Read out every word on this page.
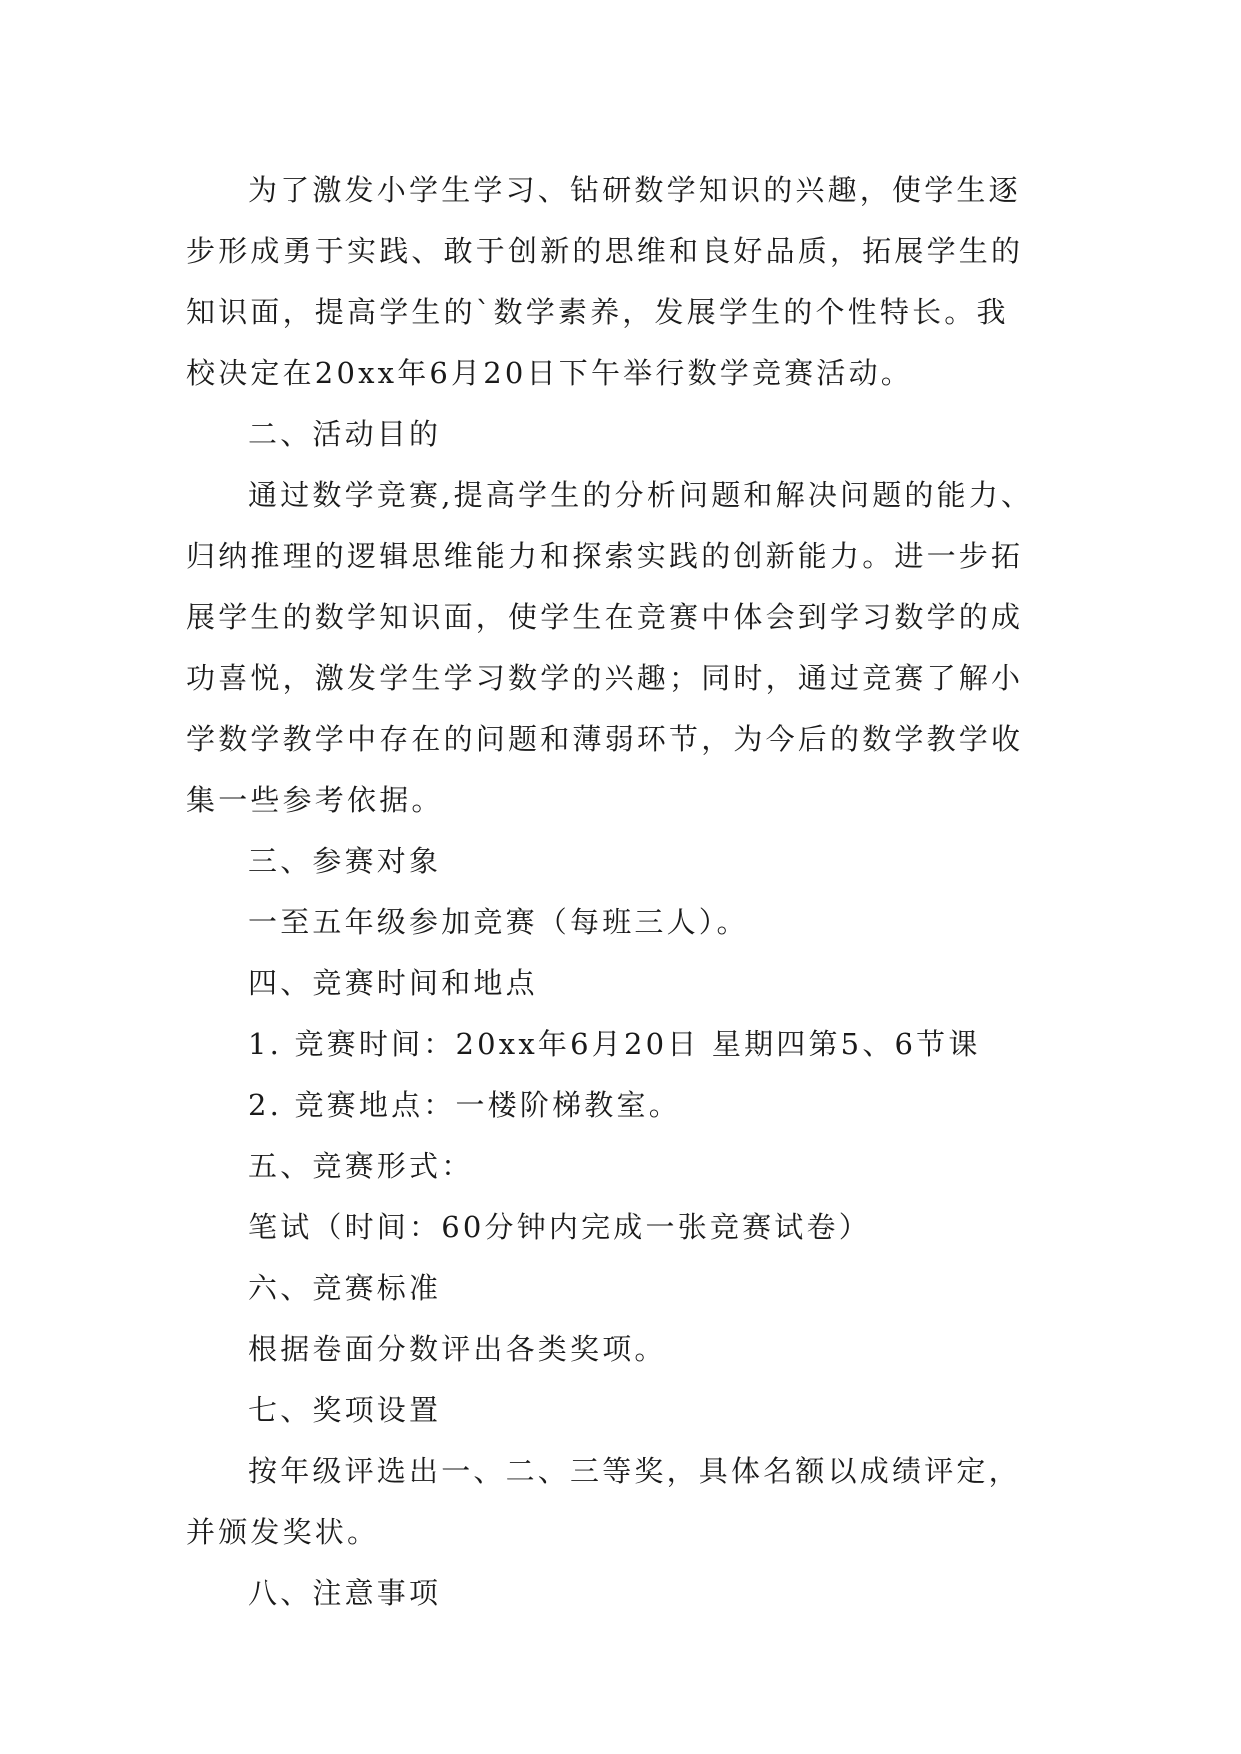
为了激发小学生学习、钻研数学知识的兴趣，使学生逐
步形成勇于实践、敢于创新的思维和良好品质，拓展学生的
知识面，提高学生的`数学素养，发展学生的个性特长。我
校决定在20xx年6月20日下午举行数学竞赛活动。

二、活动目的

通过数学竞赛,提高学生的分析问题和解决问题的能力、
归纳推理的逻辑思维能力和探索实践的创新能力。进一步拓
展学生的数学知识面，使学生在竞赛中体会到学习数学的成
功喜悦，激发学生学习数学的兴趣；同时，通过竞赛了解小
学数学教学中存在的问题和薄弱环节，为今后的数学教学收
集一些参考依据。

三、参赛对象

一至五年级参加竞赛（每班三人）。

四、竞赛时间和地点

1. 竞赛时间：20xx年6月20日 星期四第5、6节课

2. 竞赛地点：一楼阶梯教室。

五、竞赛形式：

笔试（时间：60分钟内完成一张竞赛试卷）

六、竞赛标准

根据卷面分数评出各类奖项。

七、奖项设置

按年级评选出一、二、三等奖，具体名额以成绩评定，
并颁发奖状。

八、注意事项
